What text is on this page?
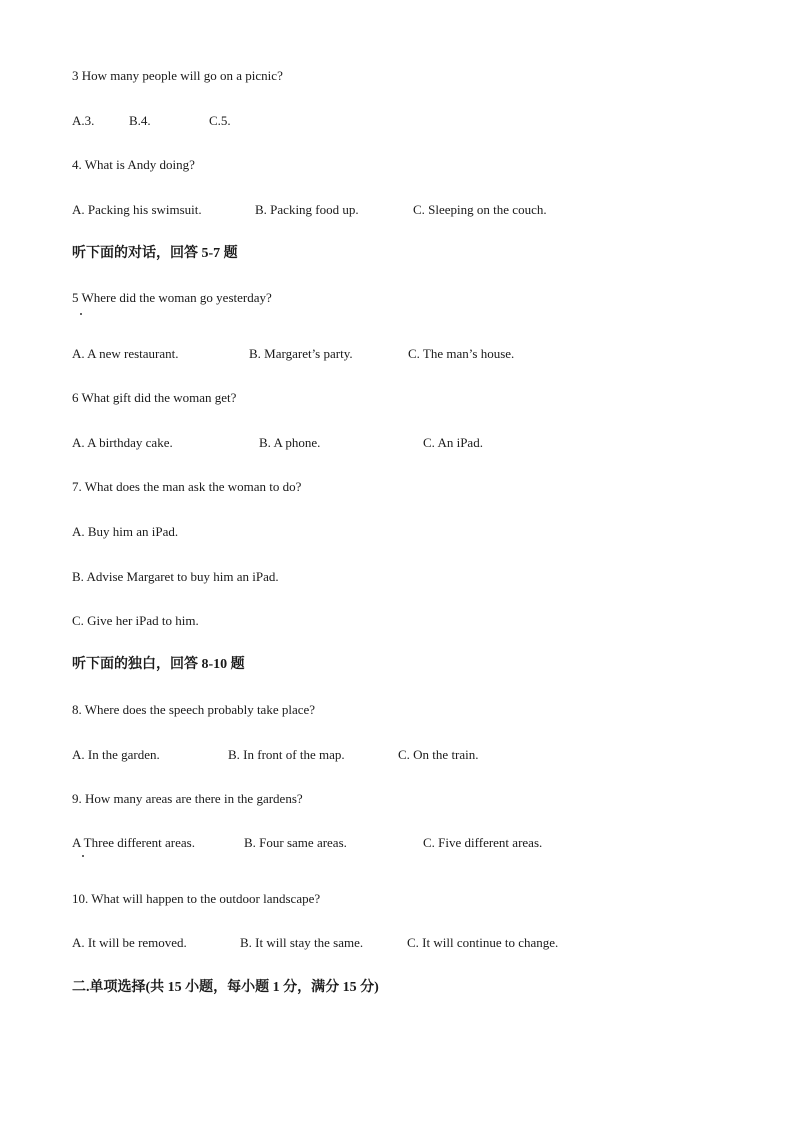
3 How many people will go on a picnic?
A.3.	B.4.	C.5.
4. What is Andy doing?
A. Packing his swimsuit.	B. Packing food up.	C. Sleeping on the couch.
听下面的对话，回答 5-7 题
5 Where did the woman go yesterday?
A. A new restaurant.	B. Margaret’s party.	C. The man’s house.
6 What gift did the woman get?
A. A birthday cake.	B. A phone.	C. An iPad.
7. What does the man ask the woman to do?
A. Buy him an iPad.
B. Advise Margaret to buy him an iPad.
C. Give her iPad to him.
听下面的独白，回答 8-10 题
8. Where does the speech probably take place?
A. In the garden.	B. In front of the map.	C. On the train.
9. How many areas are there in the gardens?
A Three different areas.	B. Four same areas.	C. Five different areas.
10. What will happen to the outdoor landscape?
A. It will be removed.	B. It will stay the same.	C. It will continue to change.
二.单项选择(共 15 小题，每小题 1 分，满分 15 分)
